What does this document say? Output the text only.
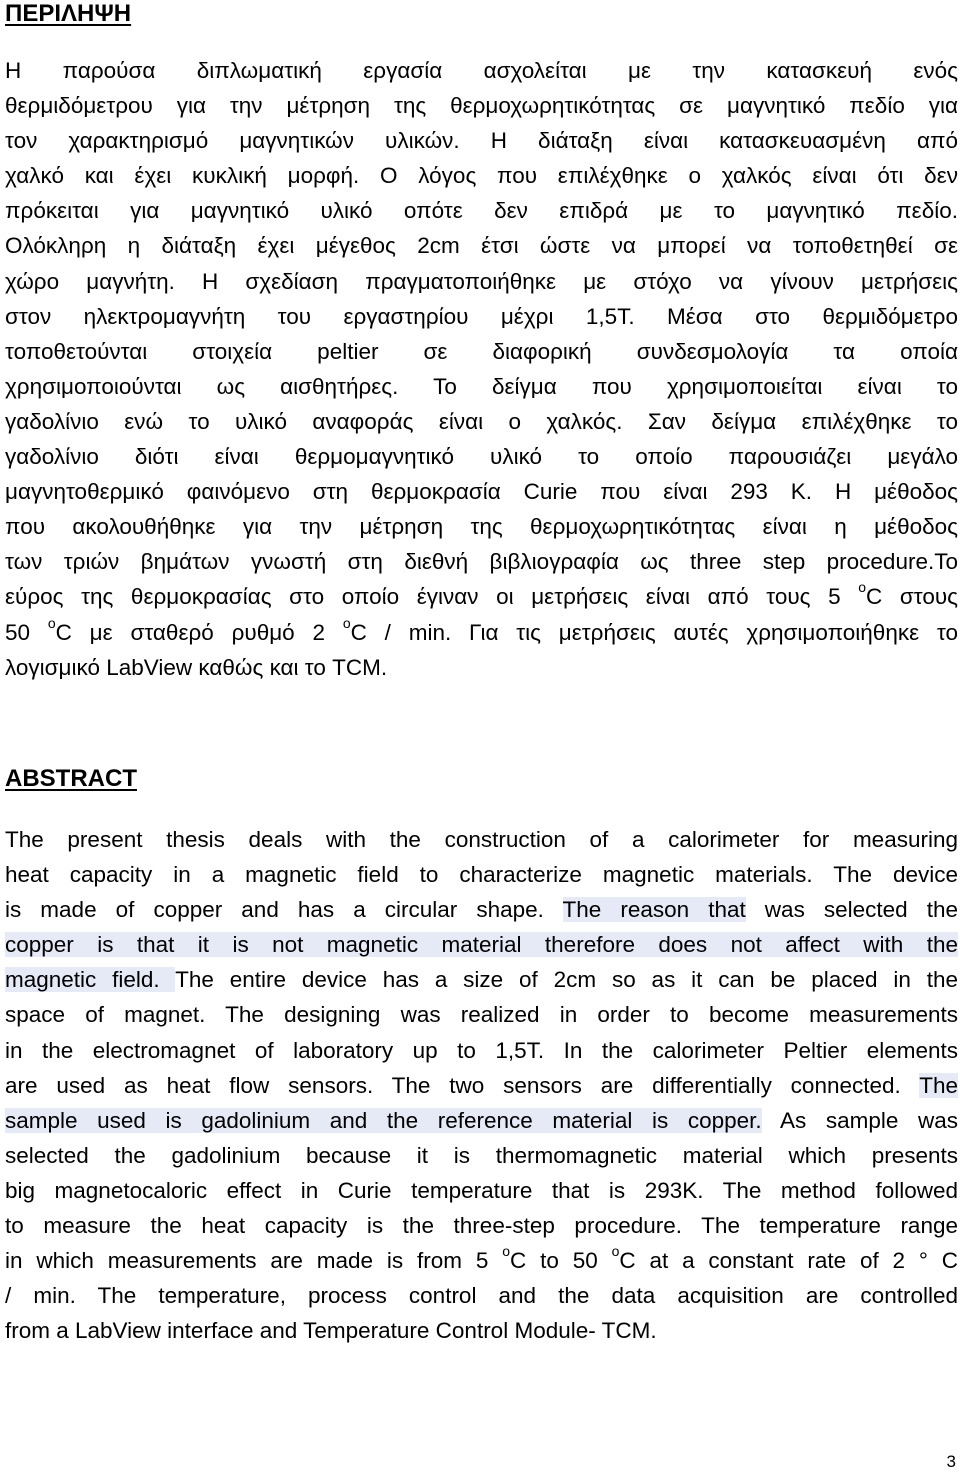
ΠΕΡΙΛΗΨΗ
Η παρούσα διπλωματική εργασία ασχολείται με την κατασκευή ενός
θερμιδόμετρου για την μέτρηση της θερμοχωρητικότητας σε μαγνητικό πεδίο για
τον χαρακτηρισμό μαγνητικών υλικών. Η διάταξη είναι κατασκευασμένη από
χαλκό και έχει κυκλική μορφή. Ο λόγος που επιλέχθηκε ο χαλκός είναι ότι δεν
πρόκειται για μαγνητικό υλικό οπότε δεν επιδρά με το μαγνητικό πεδίο.
Ολόκληρη η διάταξη έχει μέγεθος 2cm έτσι ώστε να μπορεί να τοποθετηθεί σε
χώρο μαγνήτη. Η σχεδίαση πραγματοποιήθηκε με στόχο να γίνουν μετρήσεις
στον ηλεκτρομαγνήτη του εργαστηρίου μέχρι 1,5T. Μέσα στο θερμιδόμετρο
τοποθετούνται στοιχεία peltier σε διαφορική συνδεσμολογία τα οποία
χρησιμοποιούνται ως αισθητήρες. Το δείγμα που χρησιμοποιείται είναι το
γαδολίνιο ενώ το υλικό αναφοράς είναι ο χαλκός. Σαν δείγμα επιλέχθηκε το
γαδολίνιο διότι είναι θερμομαγνητικό υλικό το οποίο παρουσιάζει μεγάλο
μαγνητοθερμικό φαινόμενο στη θερμοκρασία Curie που είναι 293 K. Η μέθοδος
που ακολουθήθηκε για την μέτρηση της θερμοχωρητικότητας είναι η μέθοδος
των τριών βημάτων γνωστή στη διεθνή βιβλιογραφία ως three step procedure.Το
εύρος της θερμοκρασίας στο οποίο έγιναν οι μετρήσεις είναι από τους 5 $^o$C στους
50 $^o$C με σταθερό ρυθμό 2 $^o$C / min. Για τις μετρήσεις αυτές χρησιμοποιήθηκε το
λογισμικό LabView καθώς και το TCM.
ABSTRACT
The present thesis deals with the construction of a calorimeter for measuring
heat capacity in a magnetic field to characterize magnetic materials. The device
is made of copper and has a circular shape. The reason that was selected the
copper is that it is not magnetic material therefore does not affect with the
magnetic field. The entire device has a size of 2cm so as it can be placed in the
space of magnet. The designing was realized in order to become measurements
in the electromagnet of laboratory up to 1,5T. In the calorimeter Peltier elements
are used as heat flow sensors. The two sensors are differentially connected. The
sample used is gadolinium and the reference material is copper. As sample was
selected the gadolinium because it is thermomagnetic material which presents
big magnetocaloric effect in Curie temperature that is 293K. The method followed
to measure the heat capacity is the three-step procedure. The temperature range
in which measurements are made is from 5 $^o$C to 50 $^o$C at a constant rate of 2 ° C
/ min. The temperature, process control and the data acquisition are controlled
from a LabView interface and Temperature Control Module- TCM.
3
